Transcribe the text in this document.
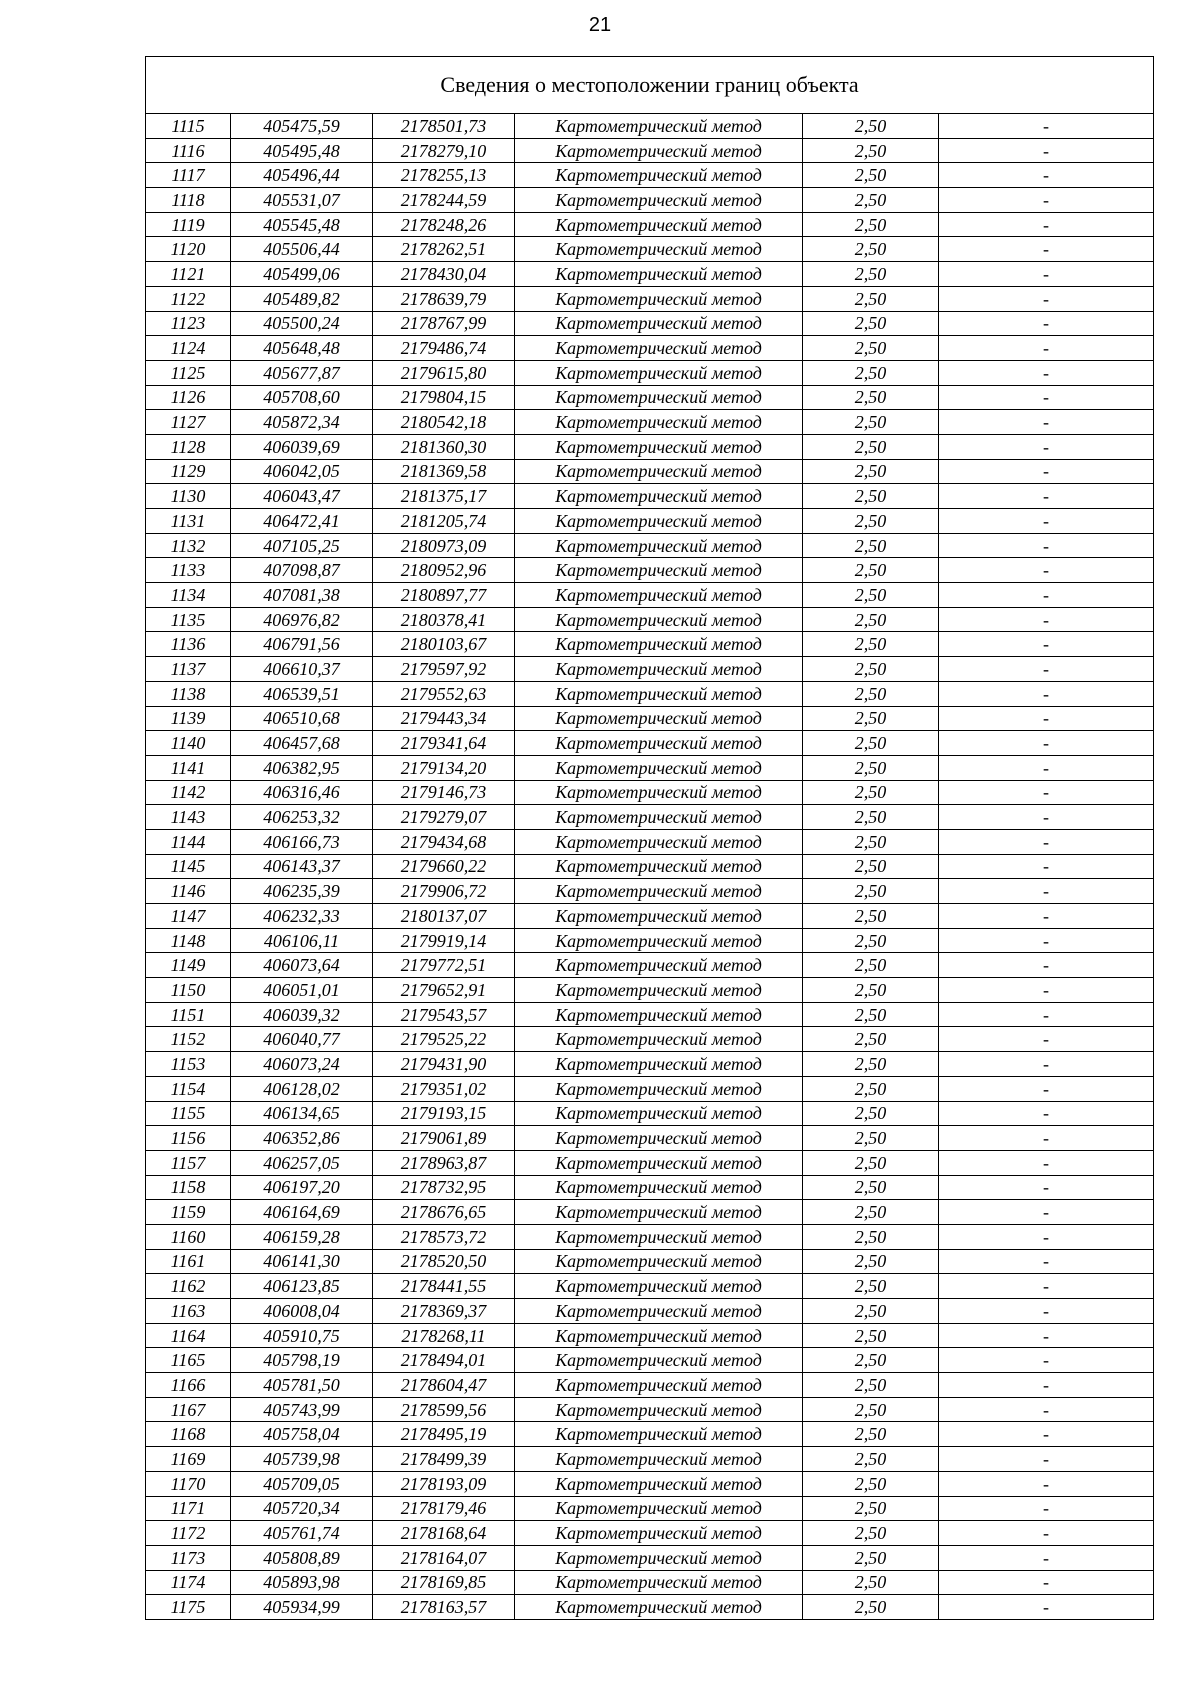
21
Сведения о местоположении границ объекта					
1115	405475,59	2178501,73	Картометрический метод	2,50	-
1116	405495,48	2178279,10	Картометрический метод	2,50	-
1117	405496,44	2178255,13	Картометрический метод	2,50	-
1118	405531,07	2178244,59	Картометрический метод	2,50	-
1119	405545,48	2178248,26	Картометрический метод	2,50	-
1120	405506,44	2178262,51	Картометрический метод	2,50	-
1121	405499,06	2178430,04	Картометрический метод	2,50	-
1122	405489,82	2178639,79	Картометрический метод	2,50	-
1123	405500,24	2178767,99	Картометрический метод	2,50	-
1124	405648,48	2179486,74	Картометрический метод	2,50	-
1125	405677,87	2179615,80	Картометрический метод	2,50	-
1126	405708,60	2179804,15	Картометрический метод	2,50	-
1127	405872,34	2180542,18	Картометрический метод	2,50	-
1128	406039,69	2181360,30	Картометрический метод	2,50	-
1129	406042,05	2181369,58	Картометрический метод	2,50	-
1130	406043,47	2181375,17	Картометрический метод	2,50	-
1131	406472,41	2181205,74	Картометрический метод	2,50	-
1132	407105,25	2180973,09	Картометрический метод	2,50	-
1133	407098,87	2180952,96	Картометрический метод	2,50	-
1134	407081,38	2180897,77	Картометрический метод	2,50	-
1135	406976,82	2180378,41	Картометрический метод	2,50	-
1136	406791,56	2180103,67	Картометрический метод	2,50	-
1137	406610,37	2179597,92	Картометрический метод	2,50	-
1138	406539,51	2179552,63	Картометрический метод	2,50	-
1139	406510,68	2179443,34	Картометрический метод	2,50	-
1140	406457,68	2179341,64	Картометрический метод	2,50	-
1141	406382,95	2179134,20	Картометрический метод	2,50	-
1142	406316,46	2179146,73	Картометрический метод	2,50	-
1143	406253,32	2179279,07	Картометрический метод	2,50	-
1144	406166,73	2179434,68	Картометрический метод	2,50	-
1145	406143,37	2179660,22	Картометрический метод	2,50	-
1146	406235,39	2179906,72	Картометрический метод	2,50	-
1147	406232,33	2180137,07	Картометрический метод	2,50	-
1148	406106,11	2179919,14	Картометрический метод	2,50	-
1149	406073,64	2179772,51	Картометрический метод	2,50	-
1150	406051,01	2179652,91	Картометрический метод	2,50	-
1151	406039,32	2179543,57	Картометрический метод	2,50	-
1152	406040,77	2179525,22	Картометрический метод	2,50	-
1153	406073,24	2179431,90	Картометрический метод	2,50	-
1154	406128,02	2179351,02	Картометрический метод	2,50	-
1155	406134,65	2179193,15	Картометрический метод	2,50	-
1156	406352,86	2179061,89	Картометрический метод	2,50	-
1157	406257,05	2178963,87	Картометрический метод	2,50	-
1158	406197,20	2178732,95	Картометрический метод	2,50	-
1159	406164,69	2178676,65	Картометрический метод	2,50	-
1160	406159,28	2178573,72	Картометрический метод	2,50	-
1161	406141,30	2178520,50	Картометрический метод	2,50	-
1162	406123,85	2178441,55	Картометрический метод	2,50	-
1163	406008,04	2178369,37	Картометрический метод	2,50	-
1164	405910,75	2178268,11	Картометрический метод	2,50	-
1165	405798,19	2178494,01	Картометрический метод	2,50	-
1166	405781,50	2178604,47	Картометрический метод	2,50	-
1167	405743,99	2178599,56	Картометрический метод	2,50	-
1168	405758,04	2178495,19	Картометрический метод	2,50	-
1169	405739,98	2178499,39	Картометрический метод	2,50	-
1170	405709,05	2178193,09	Картометрический метод	2,50	-
1171	405720,34	2178179,46	Картометрический метод	2,50	-
1172	405761,74	2178168,64	Картометрический метод	2,50	-
1173	405808,89	2178164,07	Картометрический метод	2,50	-
1174	405893,98	2178169,85	Картометрический метод	2,50	-
1175	405934,99	2178163,57	Картометрический метод	2,50	-
